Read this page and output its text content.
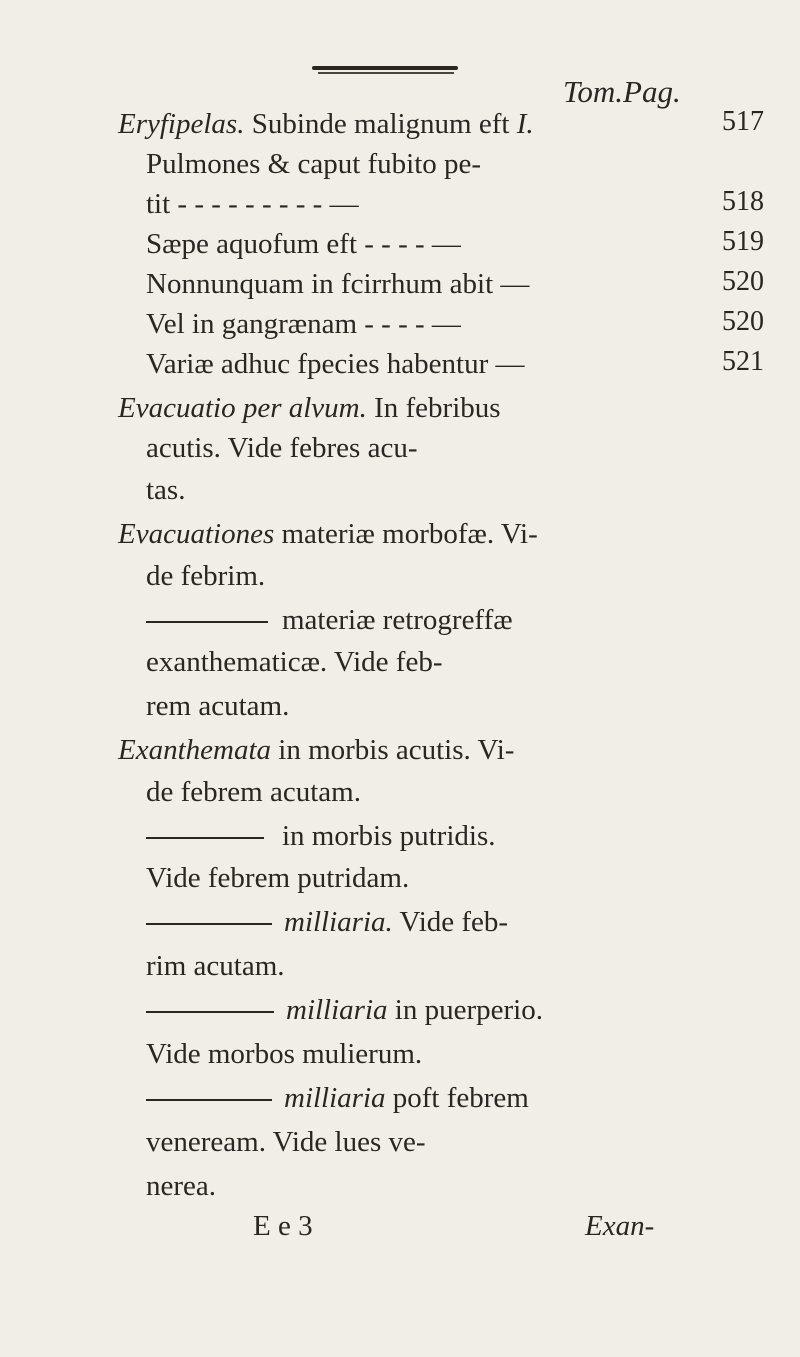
Tom.Pag.
Eryfipelas. Subinde malignum eft I.	517
Pulmones & caput fubito pe-
tit - - - - - - - - - —	518
Sæpe aquofum eft - - - - —	519
Nonnunquam in fcirrhum abit —	520
Vel in gangrænam - - - - —	520
Variæ adhuc fpecies habentur —	521
Evacuatio per alvum. In febribus
acutis. Vide febres acu-
tas.
Evacuationes materiæ morbofæ. Vi-
de febrim.
materiæ retrogreffæ
exanthematicæ. Vide feb-
rem acutam.
Exanthemata in morbis acutis. Vi-
de febrem acutam.
in morbis putridis.
Vide febrem putridam.
milliaria. Vide feb-
rim acutam.
milliaria in puerperio.
Vide morbos mulierum.
milliaria poft febrem
veneream. Vide lues ve-
nerea.
E e 3	Exan-
